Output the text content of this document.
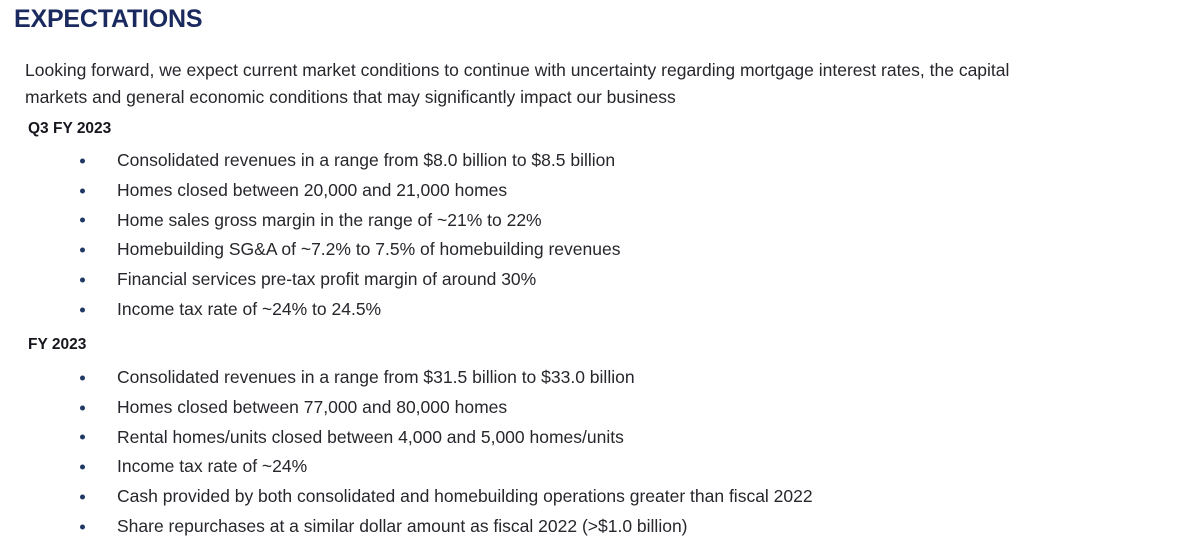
EXPECTATIONS
Looking forward, we expect current market conditions to continue with uncertainty regarding mortgage interest rates, the capital
markets and general economic conditions that may significantly impact our business
Q3 FY 2023
Consolidated revenues in a range from $8.0 billion to $8.5 billion
Homes closed between 20,000 and 21,000 homes
Home sales gross margin in the range of ~21% to 22%
Homebuilding SG&A of ~7.2% to 7.5% of homebuilding revenues
Financial services pre-tax profit margin of around 30%
Income tax rate of ~24% to 24.5%
FY 2023
Consolidated revenues in a range from $31.5 billion to $33.0 billion
Homes closed between 77,000 and 80,000 homes
Rental homes/units closed between 4,000 and 5,000 homes/units
Income tax rate of ~24%
Cash provided by both consolidated and homebuilding operations greater than fiscal 2022
Share repurchases at a similar dollar amount as fiscal 2022 (>$1.0 billion)
